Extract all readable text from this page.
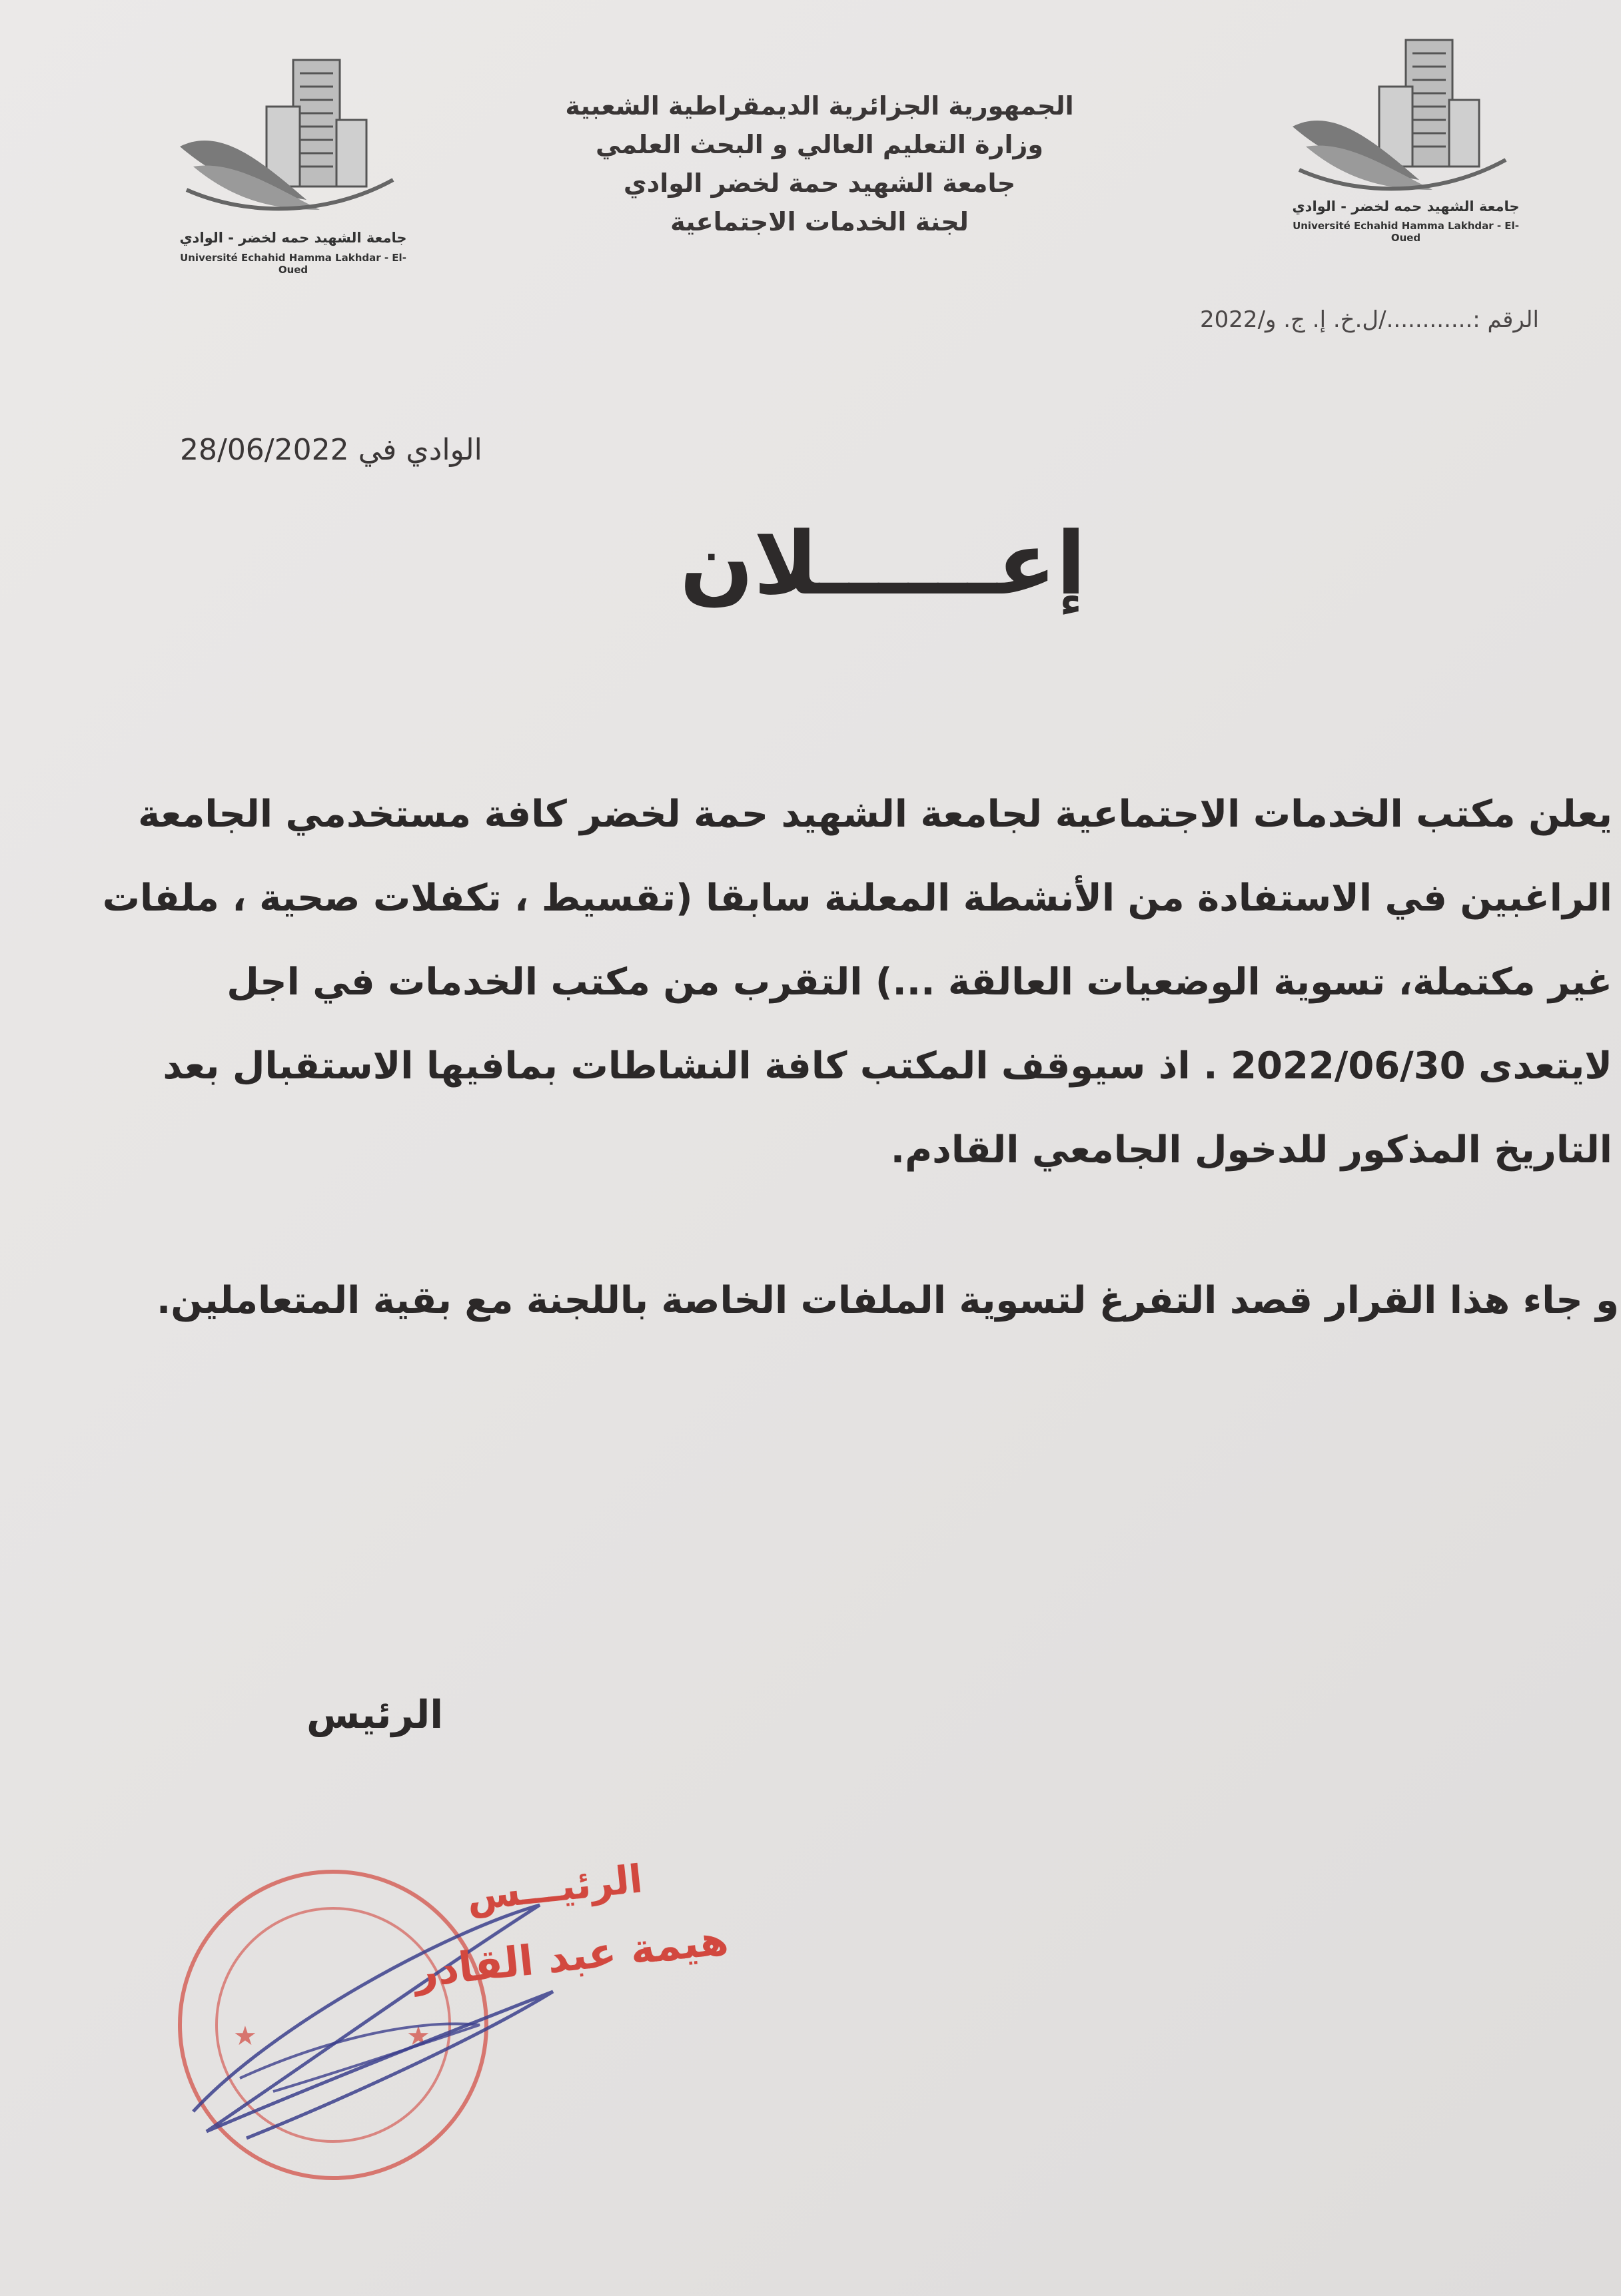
جامعة الشهيد حمه لخضر - الوادي
Université Echahid Hamma Lakhdar - El-Oued
جامعة الشهيد حمه لخضر - الوادي
Université Echahid Hamma Lakhdar - El-Oued
الجمهورية الجزائرية الديمقراطية الشعبية
وزارة التعليم العالي و البحث العلمي
جامعة الشهيد حمة لخضر الوادي
لجنة الخدمات الاجتماعية
الرقم :............/ل.خ. إ. ج. و/2022
الوادي في 28/06/2022
إعــــــلان

يعلن مكتب الخدمات الاجتماعية لجامعة الشهيد حمة لخضر كافة مستخدمي الجامعة

الراغبين في الاستفادة من الأنشطة المعلنة سابقا (تقسيط ، تكفلات صحية ، ملفات

غير مكتملة، تسوية الوضعيات العالقة ...) التقرب من مكتب الخدمات في اجل

لايتعدى 2022/06/30 . اذ سيوقف المكتب كافة النشاطات بمافيها الاستقبال بعد

التاريخ المذكور للدخول الجامعي القادم.

و جاء هذا القرار قصد التفرغ لتسوية الملفات الخاصة باللجنة مع بقية المتعاملين.
الرئيس
★	★
الرئيـــس
هيمة عبد القادر
